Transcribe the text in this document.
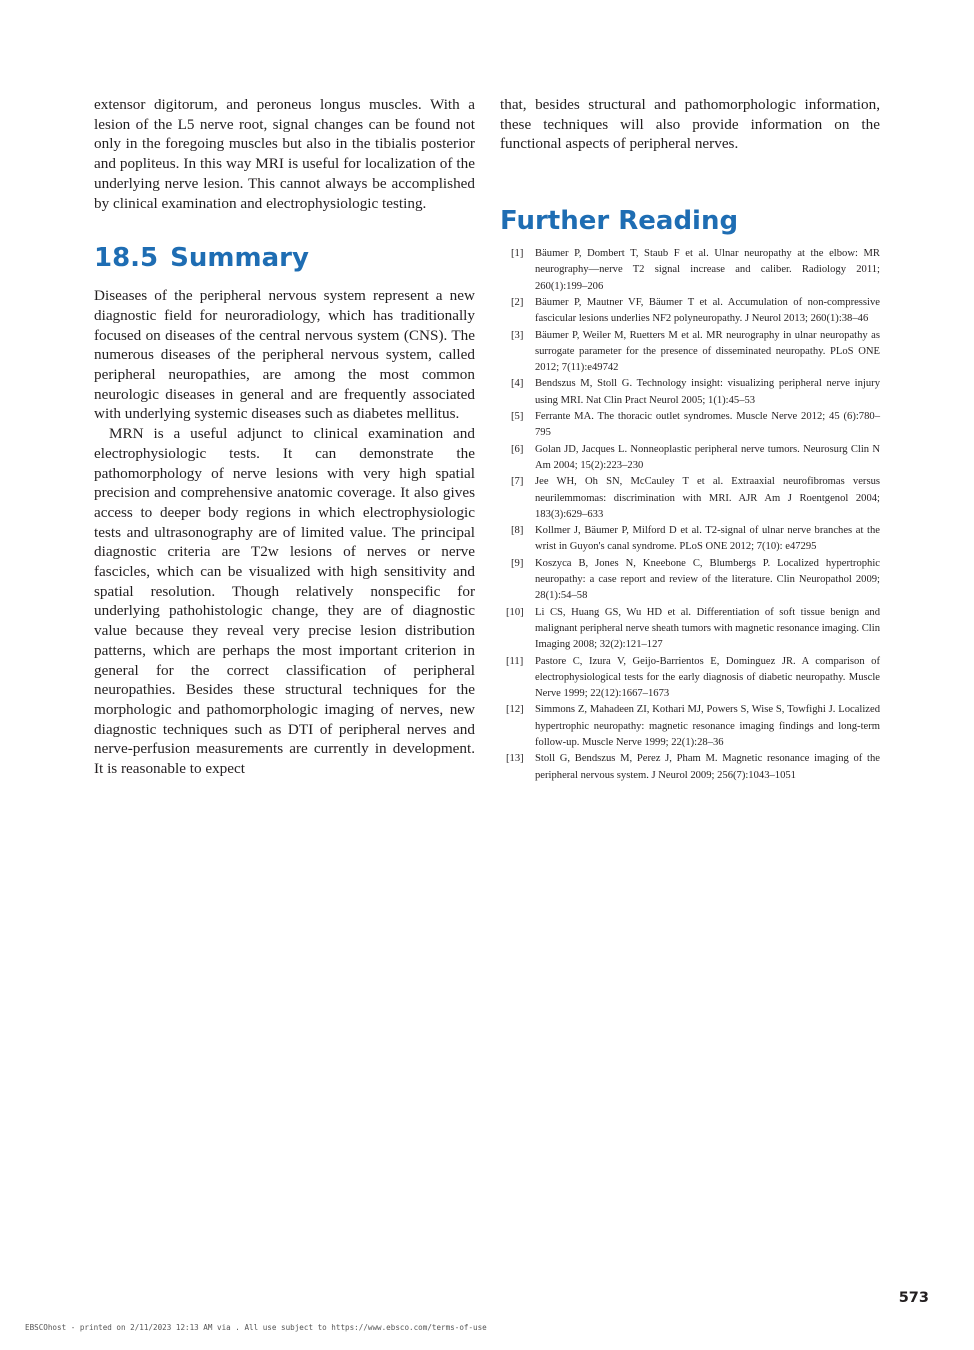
extensor digitorum, and peroneus longus muscles. With a lesion of the L5 nerve root, signal changes can be found not only in the foregoing muscles but also in the tibialis posterior and popliteus. In this way MRI is useful for localization of the underlying nerve lesion. This cannot always be accomplished by clinical examination and electrophysiologic testing.

18.5 Summary

Diseases of the peripheral nervous system represent a new diagnostic field for neuroradiology, which has traditionally focused on diseases of the central nervous system (CNS). The numerous diseases of the peripheral nervous system, called peripheral neuropathies, are among the most common neurologic diseases in general and are frequently associated with underlying systemic diseases such as diabetes mellitus.

MRN is a useful adjunct to clinical examination and electrophysiologic tests. It can demonstrate the pathomorphology of nerve lesions with very high spatial precision and comprehensive anatomic coverage. It also gives access to deeper body regions in which electrophysiologic tests and ultrasonography are of limited value. The principal diagnostic criteria are T2w lesions of nerves or nerve fascicles, which can be visualized with high sensitivity and spatial resolution. Though relatively nonspecific for underlying pathohistologic change, they are of diagnostic value because they reveal very precise lesion distribution patterns, which are perhaps the most important criterion in general for the correct classification of peripheral neuropathies. Besides these structural techniques for the morphologic and pathomorphologic imaging of nerves, new diagnostic techniques such as DTI of peripheral nerves and nerve-perfusion measurements are currently in development. It is reasonable to expect

that, besides structural and pathomorphologic information, these techniques will also provide information on the functional aspects of peripheral nerves.

Further Reading
[1] Bäumer P, Dombert T, Staub F et al. Ulnar neuropathy at the elbow: MR neurography—nerve T2 signal increase and caliber. Radiology 2011; 260(1):199–206
[2] Bäumer P, Mautner VF, Bäumer T et al. Accumulation of non-compressive fascicular lesions underlies NF2 polyneuropathy. J Neurol 2013; 260(1):38–46
[3] Bäumer P, Weiler M, Ruetters M et al. MR neurography in ulnar neuropathy as surrogate parameter for the presence of disseminated neuropathy. PLoS ONE 2012; 7(11):e49742
[4] Bendszus M, Stoll G. Technology insight: visualizing peripheral nerve injury using MRI. Nat Clin Pract Neurol 2005; 1(1):45–53
[5] Ferrante MA. The thoracic outlet syndromes. Muscle Nerve 2012; 45 (6):780–795
[6] Golan JD, Jacques L. Nonneoplastic peripheral nerve tumors. Neurosurg Clin N Am 2004; 15(2):223–230
[7] Jee WH, Oh SN, McCauley T et al. Extraaxial neurofibromas versus neurilemmomas: discrimination with MRI. AJR Am J Roentgenol 2004; 183(3):629–633
[8] Kollmer J, Bäumer P, Milford D et al. T2-signal of ulnar nerve branches at the wrist in Guyon's canal syndrome. PLoS ONE 2012; 7(10): e47295
[9] Koszyca B, Jones N, Kneebone C, Blumbergs P. Localized hypertrophic neuropathy: a case report and review of the literature. Clin Neuropathol 2009; 28(1):54–58
[10] Li CS, Huang GS, Wu HD et al. Differentiation of soft tissue benign and malignant peripheral nerve sheath tumors with magnetic resonance imaging. Clin Imaging 2008; 32(2):121–127
[11] Pastore C, Izura V, Geijo-Barrientos E, Dominguez JR. A comparison of electrophysiological tests for the early diagnosis of diabetic neuropathy. Muscle Nerve 1999; 22(12):1667–1673
[12] Simmons Z, Mahadeen ZI, Kothari MJ, Powers S, Wise S, Towfighi J. Localized hypertrophic neuropathy: magnetic resonance imaging findings and long-term follow-up. Muscle Nerve 1999; 22(1):28–36
[13] Stoll G, Bendszus M, Perez J, Pham M. Magnetic resonance imaging of the peripheral nervous system. J Neurol 2009; 256(7):1043–1051
573
EBSCOhost - printed on 2/11/2023 12:13 AM via . All use subject to https://www.ebsco.com/terms-of-use
